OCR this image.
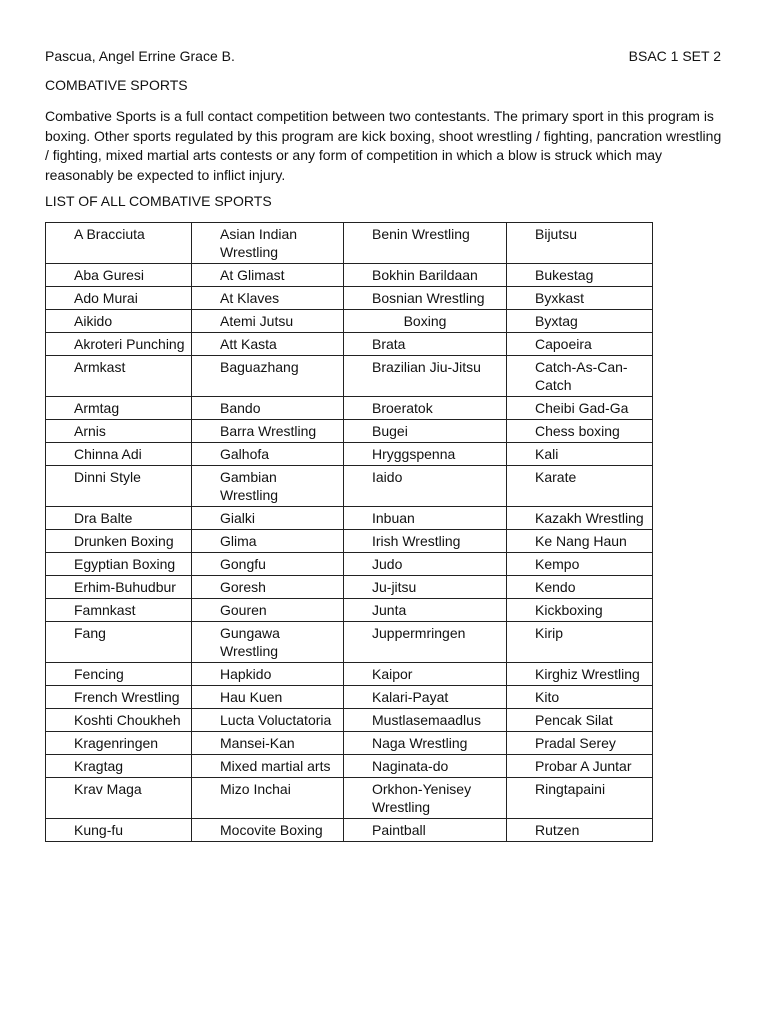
Pascua, Angel Errine Grace B.	BSAC 1 SET 2
COMBATIVE SPORTS
Combative Sports is a full contact competition between two contestants. The primary sport in this program is boxing. Other sports regulated by this program are kick boxing, shoot wrestling / fighting, pancration wrestling / fighting, mixed martial arts contests or any form of competition in which a blow is struck which may reasonably be expected to inflict injury.
LIST OF ALL COMBATIVE SPORTS
A Bracciuta	Asian Indian Wrestling	Benin Wrestling	Bijutsu
Aba Guresi	At Glimast	Bokhin Barildaan	Bukestag
Ado Murai	At Klaves	Bosnian Wrestling	Byxkast
Aikido	Atemi Jutsu	Boxing	Byxtag
Akroteri Punching	Att Kasta	Brata	Capoeira
Armkast	Baguazhang	Brazilian Jiu-Jitsu	Catch-As-Can-Catch
Armtag	Bando	Broeratok	Cheibi Gad-Ga
Arnis	Barra Wrestling	Bugei	Chess boxing
Chinna Adi	Galhofa	Hryggspenna	Kali
Dinni Style	Gambian Wrestling	Iaido	Karate
Dra Balte	Gialki	Inbuan	Kazakh Wrestling
Drunken Boxing	Glima	Irish Wrestling	Ke Nang Haun
Egyptian Boxing	Gongfu	Judo	Kempo
Erhim-Buhudbur	Goresh	Ju-jitsu	Kendo
Famnkast	Gouren	Junta	Kickboxing
Fang	Gungawa Wrestling	Juppermringen	Kirip
Fencing	Hapkido	Kaipor	Kirghiz Wrestling
French Wrestling	Hau Kuen	Kalari-Payat	Kito
Koshti Choukheh	Lucta Voluctatoria	Mustlasemaadlus	Pencak Silat
Kragenringen	Mansei-Kan	Naga Wrestling	Pradal Serey
Kragtag	Mixed martial arts	Naginata-do	Probar A Juntar
Krav Maga	Mizo Inchai	Orkhon-Yenisey Wrestling	Ringtapaini
Kung-fu	Mocovite Boxing	Paintball	Rutzen
